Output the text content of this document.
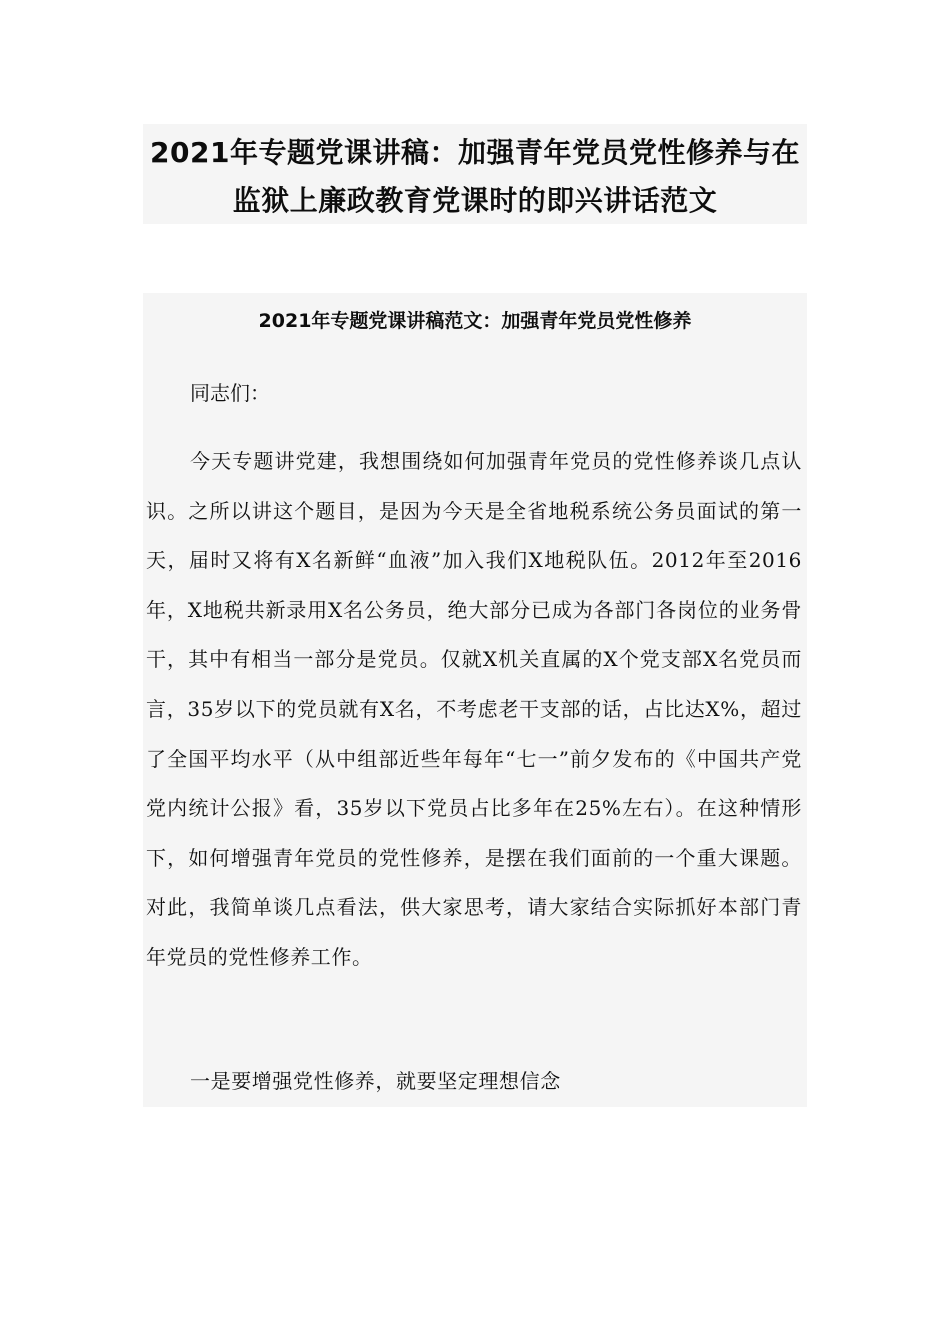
2021年专题党课讲稿：加强青年党员党性修养与在
监狱上廉政教育党课时的即兴讲话范文
2021年专题党课讲稿范文：加强青年党员党性修养

同志们：

今天专题讲党建，我想围绕如何加强青年党员的党性修养谈几点认识。之所以讲这个题目，是因为今天是全省地税系统公务员面试的第一天，届时又将有X名新鲜“血液”加入我们X地税队伍。2012年至2016年，X地税共新录用X名公务员，绝大部分已成为各部门各岗位的业务骨干，其中有相当一部分是党员。仅就X机关直属的X个党支部X名党员而言，35岁以下的党员就有X名，不考虑老干支部的话，占比达X%，超过了全国平均水平（从中组部近些年每年“七一”前夕发布的《中国共产党党内统计公报》看，35岁以下党员占比多年在25%左右）。在这种情形下，如何增强青年党员的党性修养，是摆在我们面前的一个重大课题。对此，我简单谈几点看法，供大家思考，请大家结合实际抓好本部门青年党员的党性修养工作。

一是要增强党性修养，就要坚定理想信念
